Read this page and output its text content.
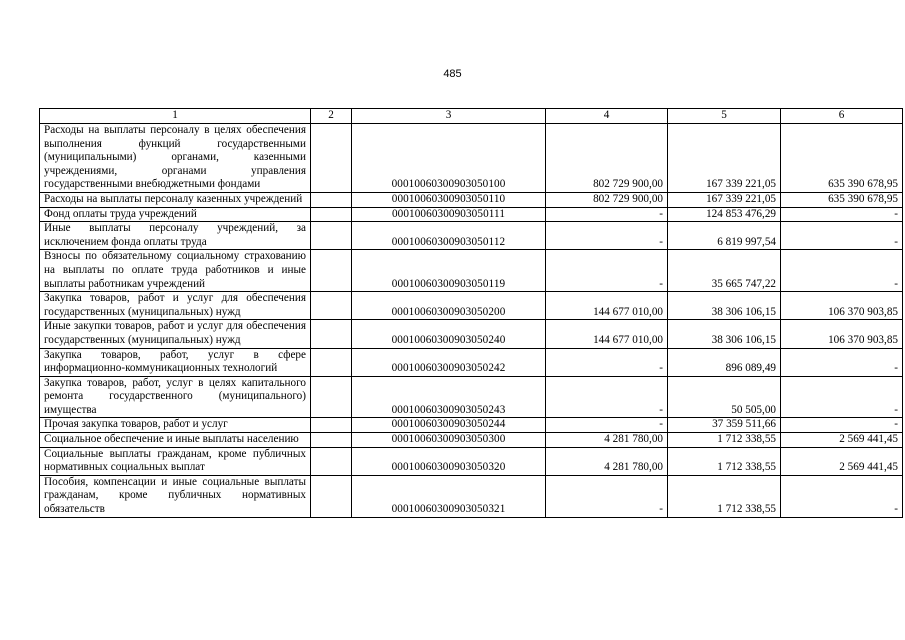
485
1	2	3	4	5	6
Расходы на выплаты персоналу в целях обеспечения выполнения функций государственными (муниципальными) органами, казенными учреждениями, органами управления государственными внебюджетными фондами		00010060300903050100	802 729 900,00	167 339 221,05	635 390 678,95
Расходы на выплаты персоналу казенных учреждений		00010060300903050110	802 729 900,00	167 339 221,05	635 390 678,95
Фонд оплаты труда учреждений		00010060300903050111	-	124 853 476,29	-
Иные выплаты персоналу учреждений, за исключением фонда оплаты труда		00010060300903050112	-	6 819 997,54	-
Взносы по обязательному социальному страхованию на выплаты по оплате труда работников и иные выплаты работникам учреждений		00010060300903050119	-	35 665 747,22	-
Закупка товаров, работ и услуг для обеспечения государственных (муниципальных) нужд		00010060300903050200	144 677 010,00	38 306 106,15	106 370 903,85
Иные закупки товаров, работ и услуг для обеспечения государственных (муниципальных) нужд		00010060300903050240	144 677 010,00	38 306 106,15	106 370 903,85
Закупка товаров, работ, услуг в сфере информационно-коммуникационных технологий		00010060300903050242	-	896 089,49	-
Закупка товаров, работ, услуг в целях капитального ремонта государственного (муниципального) имущества		00010060300903050243	-	50 505,00	-
Прочая закупка товаров, работ и услуг		00010060300903050244	-	37 359 511,66	-
Социальное обеспечение и иные выплаты населению		00010060300903050300	4 281 780,00	1 712 338,55	2 569 441,45
Социальные выплаты гражданам, кроме публичных нормативных социальных выплат		00010060300903050320	4 281 780,00	1 712 338,55	2 569 441,45
Пособия, компенсации и иные социальные выплаты гражданам, кроме публичных нормативных обязательств		00010060300903050321	-	1 712 338,55	-
